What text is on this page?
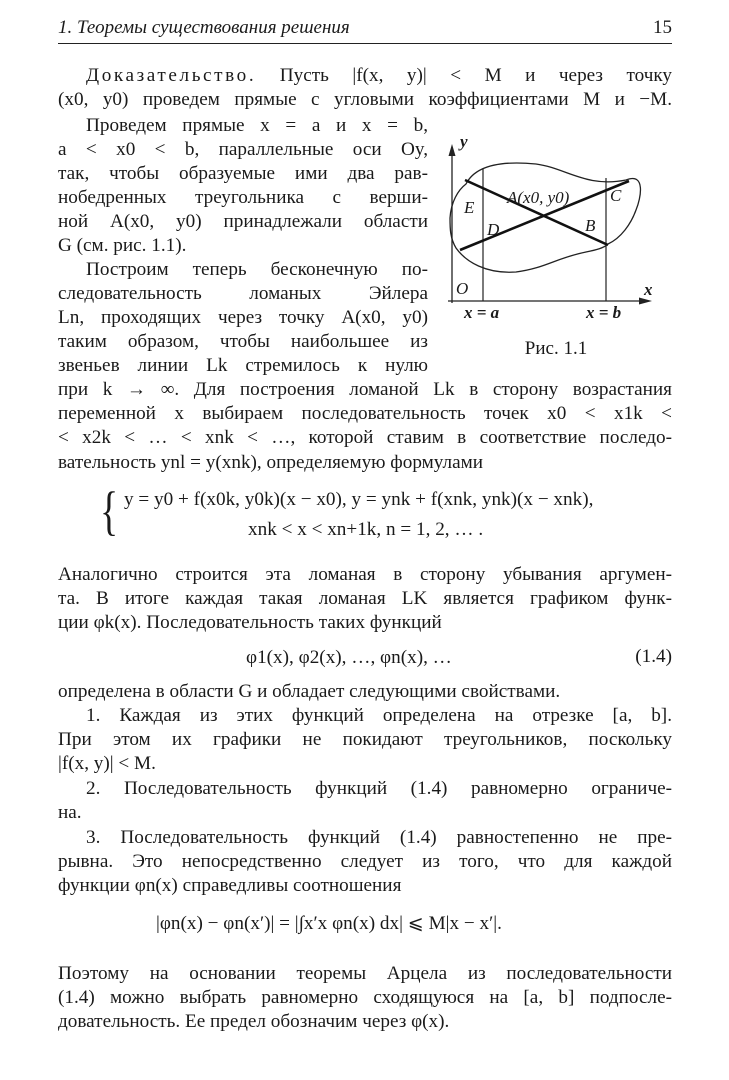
1. Теоремы существования решения	15
Доказательство. Пусть |f(x, y)| < M и через точку
(x0, y0) проведем прямые с угловыми коэффициентами M и −M.
Проведем прямые x = a и x = b,
a < x0 < b, параллельные оси Oy,
так, чтобы образуемые ими два рав-
нобедренных треугольника с верши-
ной A(x0, y0) принадлежали области
G (см. рис. 1.1).
Построим теперь бесконечную по-
следовательность ломаных Эйлера
Ln, проходящих через точку A(x0, y0)
таким образом, чтобы наибольшее из
звеньев линии Lk стремилось к нулю
при k → ∞. Для построения ломаной Lk в сторону возрастания
переменной x выбираем последовательность точек x0 < x1k <
< x2k < … < xnk < …, которой ставим в соответствие последо-
вательность ynl = y(xnk), определяемую формулами
y
x
O
A(x0, y0)
E
D	B
C
x = a	x = b
Рис. 1.1
{ y = y0 + f(x0k, y0k)(x − x0), y = ynk + f(xnk, ynk)(x − xnk),
xnk < x < xn+1k, n = 1, 2, … .
Аналогично строится эта ломаная в сторону убывания аргумен-
та. В итоге каждая такая ломаная LK является графиком функ-
ции φk(x). Последовательность таких функций
φ1(x), φ2(x), …, φn(x), …	(1.4)
определена в области G и обладает следующими свойствами.
1. Каждая из этих функций определена на отрезке [a, b].
При этом их графики не покидают треугольников, поскольку
|f(x, y)| < M.
2. Последовательность функций (1.4) равномерно ограниче-
на.
3. Последовательность функций (1.4) равностепенно не пре-
рывна. Это непосредственно следует из того, что для каждой
функции φn(x) справедливы соотношения
|φn(x) − φn(x′)| = |∫x′x φn(x) dx| ⩽ M|x − x′|.
Поэтому на основании теоремы Арцела из последовательности
(1.4) можно выбрать равномерно сходящуюся на [a, b] подпосле-
довательность. Ее предел обозначим через φ(x).
